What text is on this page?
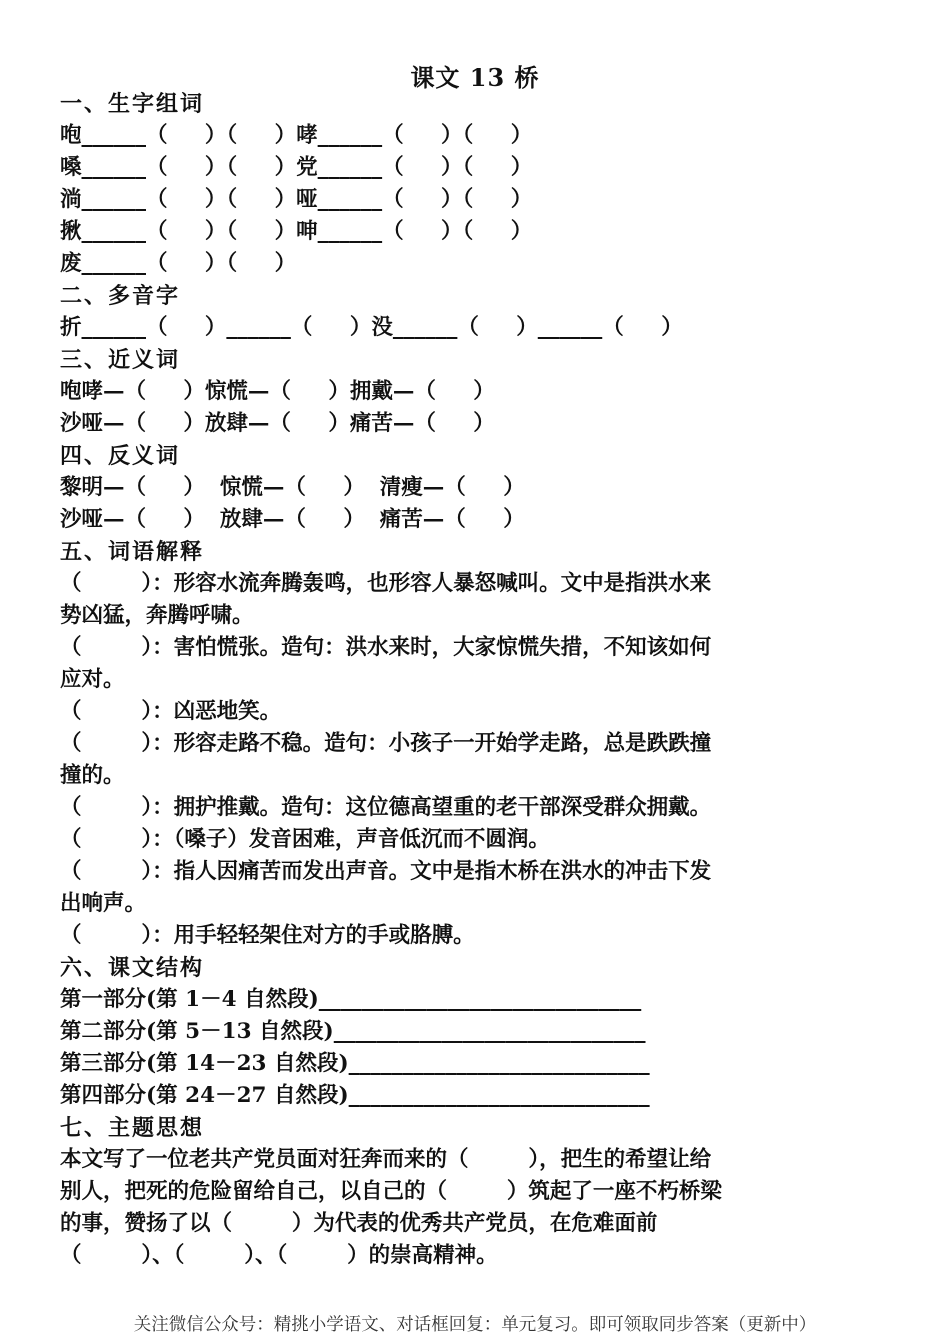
课文 13 桥
一、生字组词
咆______（     ）（     ）哮______（     ）（     ）
嗓______（     ）（     ）党______（     ）（     ）
淌______（     ）（     ）哑______（     ）（     ）
揪______（     ）（     ）呻______（     ）（     ）
废______（     ）（     ）
二、多音字
折______（     ）______（     ）没______（     ）______（     ）
三、近义词
咆哮—（     ）惊慌—（     ）拥戴—（     ）
沙哑—（     ）放肆—（     ）痛苦—（     ）
四、反义词
黎明—（     ）  惊慌—（     ）  清瘦—（     ）
沙哑—（     ）  放肆—（     ）  痛苦—（     ）
五、词语解释
（        ）：形容水流奔腾轰鸣，也形容人暴怒喊叫。文中是指洪水来
势凶猛，奔腾呼啸。
（        ）：害怕慌张。造句：洪水来时，大家惊慌失措，不知该如何
应对。
（        ）：凶恶地笑。
（        ）：形容走路不稳。造句：小孩子一开始学走路，总是跌跌撞
撞的。
（        ）：拥护推戴。造句：这位德高望重的老干部深受群众拥戴。
（        ）：（嗓子）发音困难，声音低沉而不圆润。
（        ）：指人因痛苦而发出声音。文中是指木桥在洪水的冲击下发
出响声。
（        ）：用手轻轻架住对方的手或胳膊。
六、课文结构
第一部分(第 1－4 自然段)______________________________
第二部分(第 5－13 自然段)_____________________________
第三部分(第 14－23 自然段)____________________________
第四部分(第 24－27 自然段)____________________________
七、主题思想
本文写了一位老共产党员面对狂奔而来的（        ），把生的希望让给
别人，把死的危险留给自己，以自己的（        ）筑起了一座不朽桥梁
的事，赞扬了以（        ）为代表的优秀共产党员，在危难面前
（        ）、（        ）、（        ）的崇高精神。
关注微信公众号：精挑小学语文、对话框回复：单元复习。即可领取同步答案（更新中）
